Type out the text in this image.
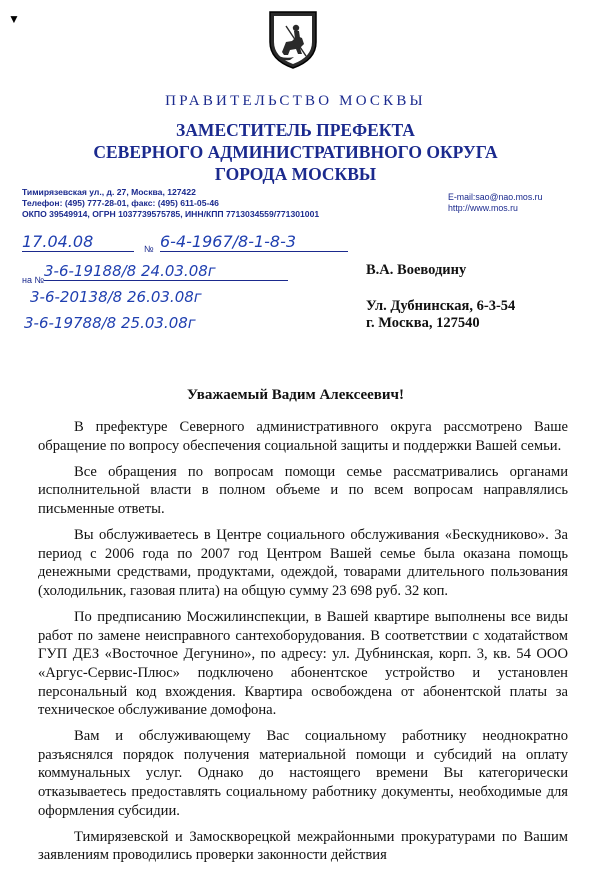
▼
ПРАВИТЕЛЬСТВО МОСКВЫ
ЗАМЕСТИТЕЛЬ ПРЕФЕКТА
СЕВЕРНОГО АДМИНИСТРАТИВНОГО ОКРУГА
ГОРОДА МОСКВЫ
Тимирязевская ул., д. 27, Москва, 127422
Телефон: (495) 777-28-01, факс: (495) 611-05-46
ОКПО 39549914, ОГРН 1037739575785, ИНН/КПП 7713034559/771301001
E-mail:sao@nao.mos.ru
http://www.mos.ru
17.04.08	№ 6-4-1967/8-1-8-3
на № 3-6-19188/8 24.03.08г
3-6-20138/8 26.03.08г
3-6-19788/8 25.03.08г
В.А. Воеводину
Ул. Дубнинская, 6-3-54
г. Москва, 127540
Уважаемый Вадим Алексеевич!

В префектуре Северного административного округа рассмотрено Ваше обращение по вопросу обеспечения социальной защиты и поддержки Вашей семьи.

Все обращения по вопросам помощи семье рассматривались органами исполнительной власти в полном объеме и по всем вопросам направлялись письменные ответы.

Вы обслуживаетесь в Центре социального обслуживания «Бескудниково». За период с 2006 года по 2007 год Центром Вашей семье была оказана помощь денежными средствами, продуктами, одеждой, товарами длительного пользования (холодильник, газовая плита) на общую сумму 23 698 руб. 32 коп.

По предписанию Мосжилинспекции, в Вашей квартире выполнены все виды работ по замене неисправного сантехоборудования. В соответствии с ходатайством ГУП ДЕЗ «Восточное Дегунино», по адресу: ул. Дубнинская, корп. 3, кв. 54 ООО «Аргус-Сервис-Плюс» подключено абонентское устройство и установлен персональный код вхождения. Квартира освобождена от абонентской платы за техническое обслуживание домофона.

Вам и обслуживающему Вас социальному работнику неоднократно разъяснялся порядок получения материальной помощи и субсидий на оплату коммунальных услуг. Однако до настоящего времени Вы категорически отказываетесь предоставлять социальному работнику документы, необходимые для оформления субсидии.

Тимирязевской и Замоскворецкой межрайонными прокуратурами по Вашим заявлениям проводились проверки законности действия
